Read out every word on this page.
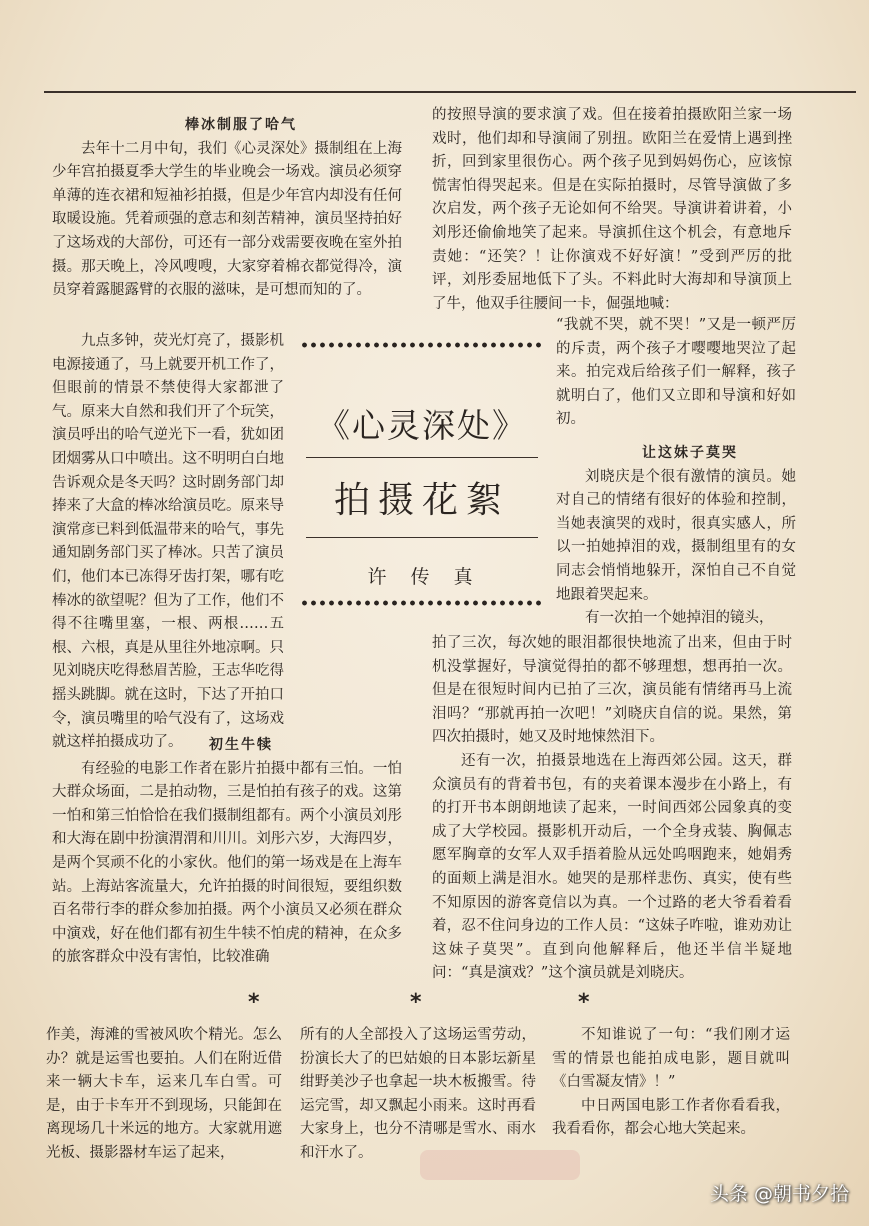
棒冰制服了哈气

去年十二月中旬，我们《心灵深处》摄制组在上海少年宫拍摄夏季大学生的毕业晚会一场戏。演员必须穿单薄的连衣裙和短袖衫拍摄，但是少年宫内却没有任何取暖设施。凭着顽强的意志和刻苦精神，演员坚持拍好了这场戏的大部份，可还有一部分戏需要夜晚在室外拍摄。那天晚上，冷风嗖嗖，大家穿着棉衣都觉得冷，演员穿着露腿露臂的衣服的滋味，是可想而知的了。

九点多钟，荧光灯亮了，摄影机电源接通了，马上就要开机工作了，但眼前的情景不禁使得大家都泄了气。原来大自然和我们开了个玩笑，演员呼出的哈气逆光下一看，犹如团团烟雾从口中喷出。这不明明白白地告诉观众是冬天吗？这时剧务部门却捧来了大盒的棒冰给演员吃。原来导演常彦已料到低温带来的哈气，事先通知剧务部门买了棒冰。只苦了演员们，他们本已冻得牙齿打架，哪有吃棒冰的欲望呢？但为了工作，他们不得不往嘴里塞，一根、两根……五根、六根，真是从里往外地凉啊。只见刘晓庆吃得愁眉苦脸，王志华吃得摇头跳脚。就在这时，下达了开拍口令，演员嘴里的哈气没有了，这场戏就这样拍摄成功了。	初生牛犊

有经验的电影工作者在影片拍摄中都有三怕。一怕大群众场面，二是拍动物，三是怕拍有孩子的戏。这第一怕和第三怕恰恰在我们摄制组都有。两个小演员刘彤和大海在剧中扮演渭渭和川川。刘彤六岁，大海四岁，是两个冥顽不化的小家伙。他们的第一场戏是在上海车站。上海站客流量大，允许拍摄的时间很短，要组织数百名带行李的群众参加拍摄。两个小演员又必须在群众中演戏，好在他们都有初生牛犊不怕虎的精神，在众多的旅客群众中没有害怕，比较准确

《心灵深处》
拍摄花絮
许传真

的按照导演的要求演了戏。但在接着拍摄欧阳兰家一场戏时，他们却和导演闹了别扭。欧阳兰在爱情上遇到挫折，回到家里很伤心。两个孩子见到妈妈伤心，应该惊慌害怕得哭起来。但是在实际拍摄时，尽管导演做了多次启发，两个孩子无论如何不给哭。导演讲着讲着，小刘彤还偷偷地笑了起来。导演抓住这个机会，有意地斥责她：“还笑？！让你演戏不好好演！”受到严厉的批评，刘彤委屈地低下了头。不料此时大海却和导演顶上了牛，他双手往腰间一卡，倔强地喊：

“我就不哭，就不哭！”又是一顿严厉的斥责，两个孩子才嘤嘤地哭泣了起来。拍完戏后给孩子们一解释，孩子就明白了，他们又立即和导演和好如初。

让这妹子莫哭

刘晓庆是个很有激情的演员。她对自己的情绪有很好的体验和控制，当她表演哭的戏时，很真实感人，所以一拍她掉泪的戏，摄制组里有的女同志会悄悄地躲开，深怕自己不自觉地跟着哭起来。

有一次拍一个她掉泪的镜头，

拍了三次，每次她的眼泪都很快地流了出来，但由于时机没掌握好，导演觉得拍的都不够理想，想再拍一次。但是在很短时间内已拍了三次，演员能有情绪再马上流泪吗？“那就再拍一次吧！”刘晓庆自信的说。果然，第四次拍摄时，她又及时地悚然泪下。

还有一次，拍摄景地选在上海西郊公园。这天，群众演员有的背着书包，有的夹着课本漫步在小路上，有的打开书本朗朗地读了起来，一时间西郊公园象真的变成了大学校园。摄影机开动后，一个全身戎装、胸佩志愿军胸章的女军人双手捂着脸从远处呜咽跑来，她娟秀的面颊上满是泪水。她哭的是那样悲伤、真实，使有些不知原因的游客竟信以为真。一个过路的老大爷看着看着，忍不住问身边的工作人员：“这妹子咋啦，谁劝劝让这妹子莫哭”。直到向他解释后，他还半信半疑地问：“真是演戏？”这个演员就是刘晓庆。

*	*	*

作美，海滩的雪被风吹个精光。怎么办？就是运雪也要拍。人们在附近借来一辆大卡车，运来几车白雪。可是，由于卡车开不到现场，只能卸在离现场几十米远的地方。大家就用遮光板、摄影器材车运了起来，

所有的人全部投入了这场运雪劳动，扮演长大了的巴姑娘的日本影坛新星绀野美沙子也拿起一块木板搬雪。待运完雪，却又飘起小雨来。这时再看大家身上，也分不清哪是雪水、雨水和汗水了。

不知谁说了一句：“我们刚才运雪的情景也能拍成电影，题目就叫《白雪凝友情》！”

中日两国电影工作者你看看我，我看看你，都会心地大笑起来。

头条 @朝书夕拾
